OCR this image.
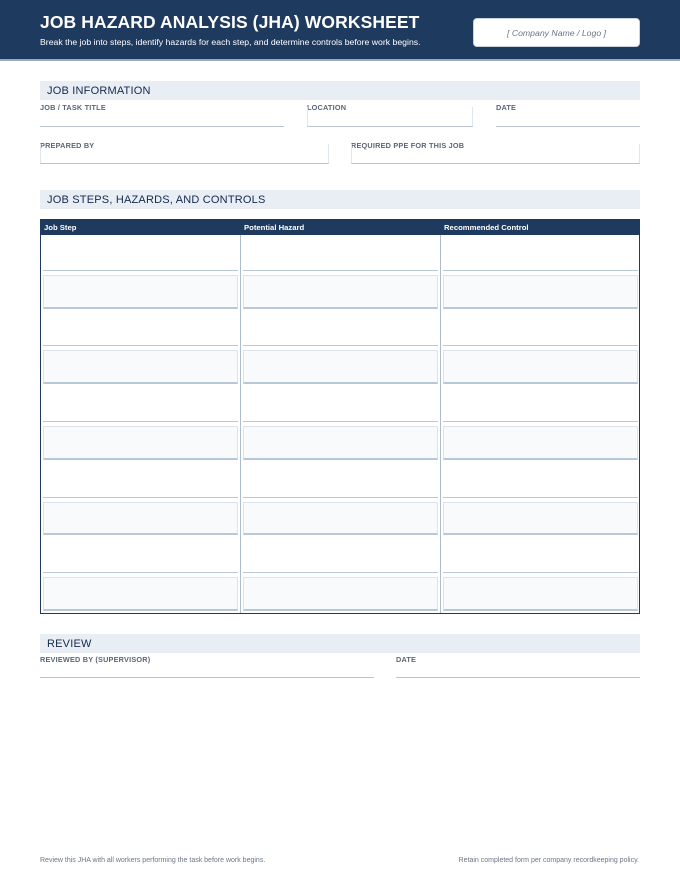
JOB HAZARD ANALYSIS (JHA) WORKSHEET
Break the job into steps, identify hazards for each step, and determine controls before work begins.
[ Company Name / Logo ]
JOB INFORMATION
JOB / TASK TITLE	LOCATION	DATE
PREPARED BY	REQUIRED PPE FOR THIS JOB
JOB STEPS, HAZARDS, AND CONTROLS
Job Step	Potential Hazard	Recommended Control
REVIEW
REVIEWED BY (SUPERVISOR)	DATE
Review this JHA with all workers performing the task before work begins.	Retain completed form per company recordkeeping policy.
